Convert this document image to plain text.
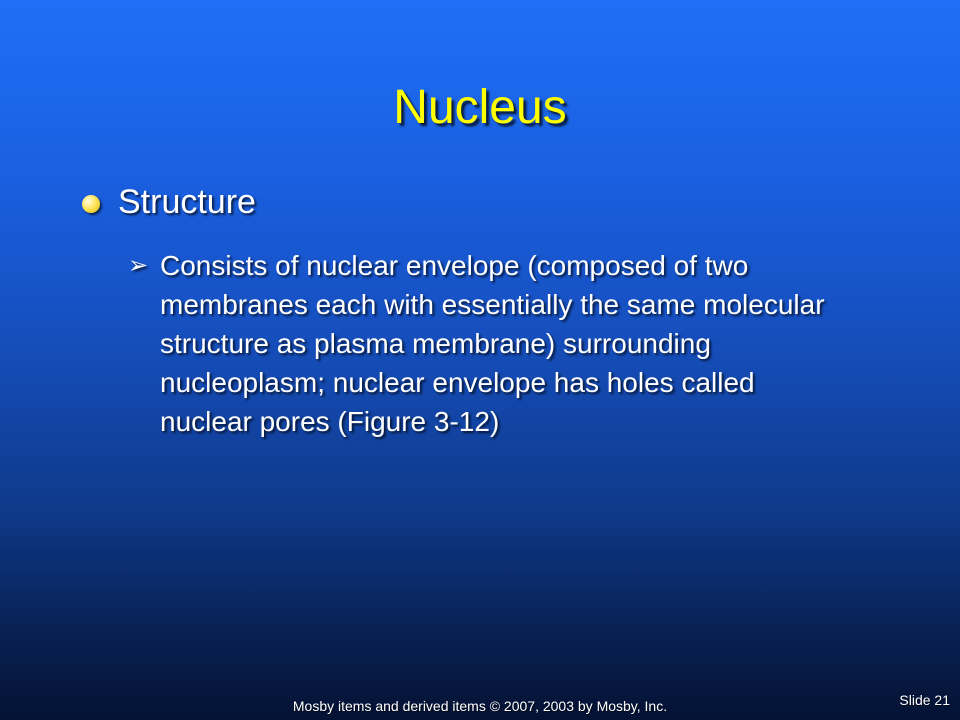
Nucleus
Structure
➢ Consists of nuclear envelope (composed of two membranes each with essentially the same molecular structure as plasma membrane) surrounding nucleoplasm; nuclear envelope has holes called nuclear pores (Figure 3-12)
Mosby items and derived items © 2007, 2003 by Mosby, Inc.	Slide 21
